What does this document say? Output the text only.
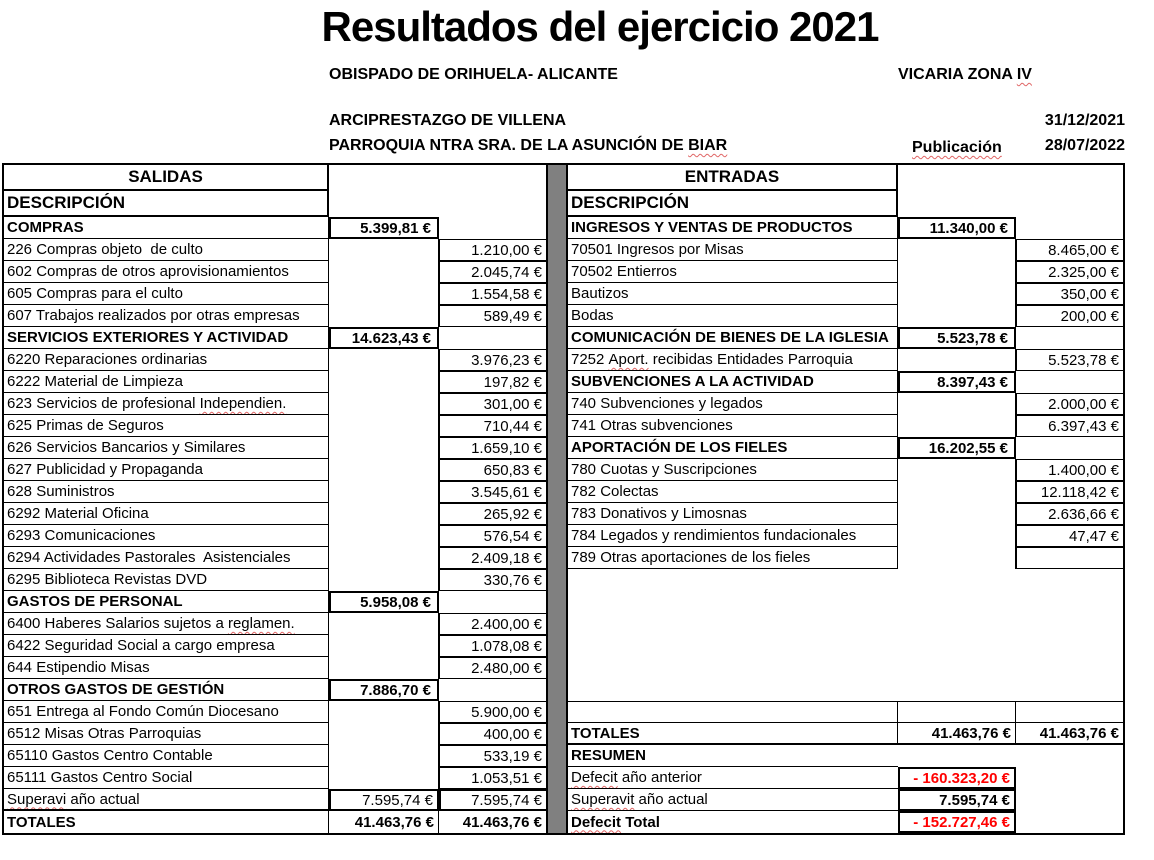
Resultados del ejercicio 2021
OBISPADO DE ORIHUELA- ALICANTE	VICARIA ZONA IV
ARCIPRESTAZGO DE VILLENA	31/12/2021
PARROQUIA NTRA SRA. DE LA ASUNCIÓN DE BIAR	Publicación	28/07/2022
SALIDAS
DESCRIPCIÓN
COMPRAS	5.399,81 €
226 Compras objeto  de culto	1.210,00 €
602 Compras de otros aprovisionamientos	2.045,74 €
605 Compras para el culto	1.554,58 €
607 Trabajos realizados por otras empresas	589,49 €
SERVICIOS EXTERIORES Y ACTIVIDAD	14.623,43 €
6220 Reparaciones ordinarias	3.976,23 €
6222 Material de Limpieza	197,82 €
623 Servicios de profesional Independien.	301,00 €
625 Primas de Seguros	710,44 €
626 Servicios Bancarios y Similares	1.659,10 €
627 Publicidad y Propaganda	650,83 €
628 Suministros	3.545,61 €
6292 Material Oficina	265,92 €
6293 Comunicaciones	576,54 €
6294 Actividades Pastorales  Asistenciales	2.409,18 €
6295 Biblioteca Revistas DVD	330,76 €
GASTOS DE PERSONAL	5.958,08 €
6400 Haberes Salarios sujetos a reglamen.	2.400,00 €
6422 Seguridad Social a cargo empresa	1.078,08 €
644 Estipendio Misas	2.480,00 €
OTROS GASTOS DE GESTIÓN	7.886,70 €
651 Entrega al Fondo Común Diocesano	5.900,00 €
6512 Misas Otras Parroquias	400,00 €
65110 Gastos Centro Contable	533,19 €
65111 Gastos Centro Social	1.053,51 €
Superavi año actual	7.595,74 €	7.595,74 €
TOTALES	41.463,76 € 41.463,76 €
ENTRADAS
DESCRIPCIÓN
INGRESOS Y VENTAS DE PRODUCTOS	11.340,00 €
70501 Ingresos por Misas	8.465,00 €
70502 Entierros	2.325,00 €
Bautizos	350,00 €
Bodas	200,00 €
COMUNICACIÓN DE BIENES DE LA IGLESIA	5.523,78 €
7252 Aport. recibidas Entidades Parroquia	5.523,78 €
SUBVENCIONES A LA ACTIVIDAD	8.397,43 €
740 Subvenciones y legados	2.000,00 €
741 Otras subvenciones	6.397,43 €
APORTACIÓN DE LOS FIELES	16.202,55 €
780 Cuotas y Suscripciones	1.400,00 €
782 Colectas	12.118,42 €
783 Donativos y Limosnas	2.636,66 €
784 Legados y rendimientos fundacionales	47,47 €
789 Otras aportaciones de los fieles
TOTALES	41.463,76 € 41.463,76 €
RESUMEN
Defecit año anterior	- 160.323,20 €
Superavit año actual	7.595,74 €
Defecit Total	- 152.727,46 €
